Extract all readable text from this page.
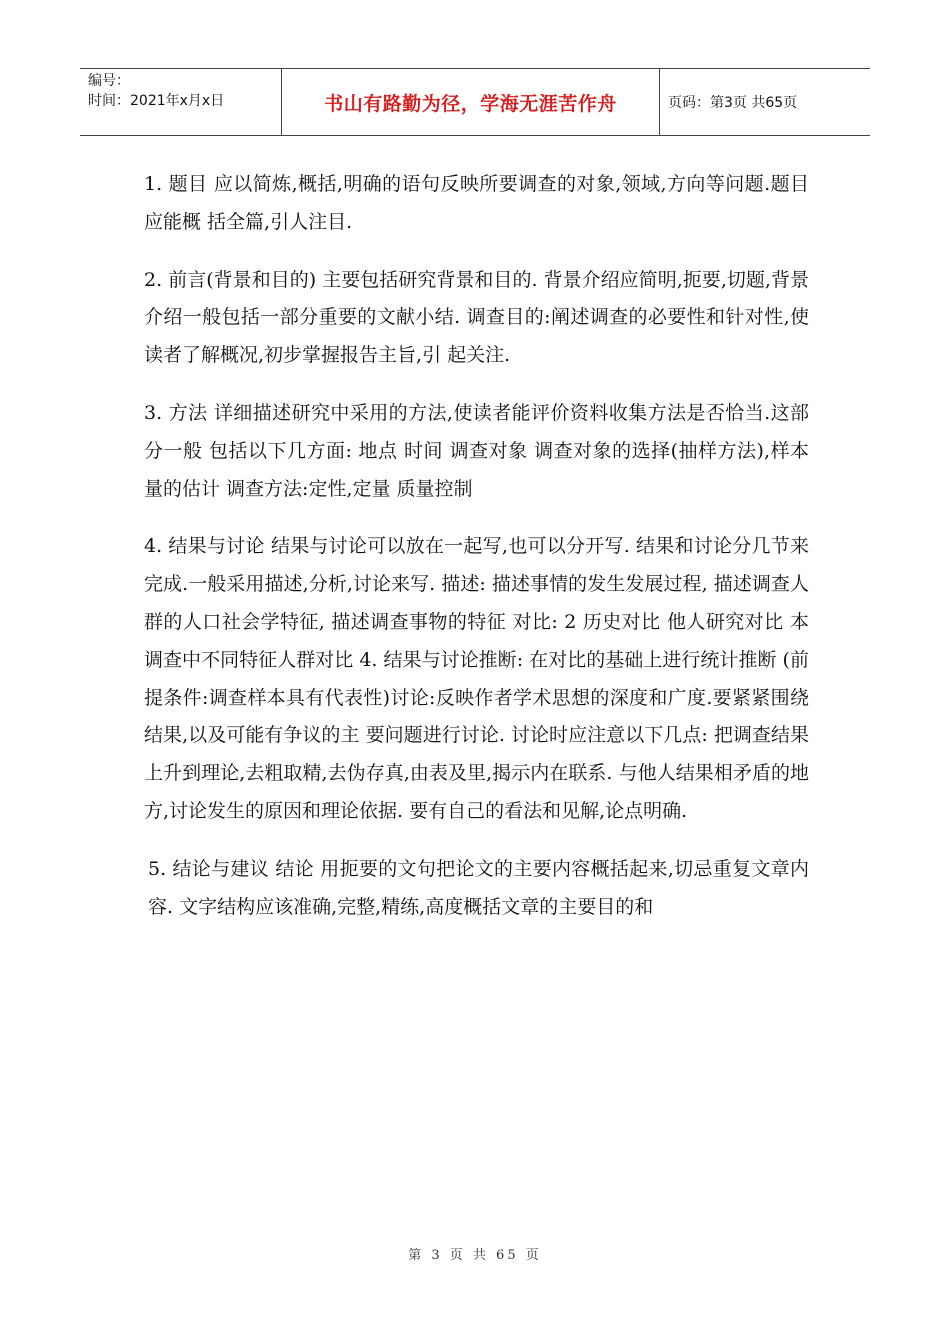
编号：
时间：2021年x月x日	书山有路勤为径，学海无涯苦作舟	页码：第3页 共65页

1. 题目 应以简炼,概括,明确的语句反映所要调查的对象,领域,方向等问题.题目应能概 括全篇,引人注目.

2. 前言(背景和目的) 主要包括研究背景和目的. 背景介绍应简明,扼要,切题,背景介绍一般包括一部分重要的文献小结. 调查目的:阐述调查的必要性和针对性,使读者了解概况,初步掌握报告主旨,引 起关注.

3. 方法 详细描述研究中采用的方法,使读者能评价资料收集方法是否恰当.这部分一般 包括以下几方面: 地点 时间 调查对象 调查对象的选择(抽样方法),样本量的估计 调查方法:定性,定量 质量控制

4. 结果与讨论 结果与讨论可以放在一起写,也可以分开写. 结果和讨论分几节来完成.一般采用描述,分析,讨论来写. 描述: 描述事情的发生发展过程, 描述调查人群的人口社会学特征, 描述调查事物的特征 对比: 2 历史对比 他人研究对比 本调查中不同特征人群对比 4. 结果与讨论推断: 在对比的基础上进行统计推断 (前提条件:调查样本具有代表性)讨论:反映作者学术思想的深度和广度.要紧紧围绕结果,以及可能有争议的主 要问题进行讨论. 讨论时应注意以下几点: 把调查结果上升到理论,去粗取精,去伪存真,由表及里,揭示内在联系. 与他人结果相矛盾的地方,讨论发生的原因和理论依据. 要有自己的看法和见解,论点明确.

5. 结论与建议 结论 用扼要的文句把论文的主要内容概括起来,切忌重复文章内容. 文字结构应该准确,完整,精练,高度概括文章的主要目的和

第 3 页 共 65 页
